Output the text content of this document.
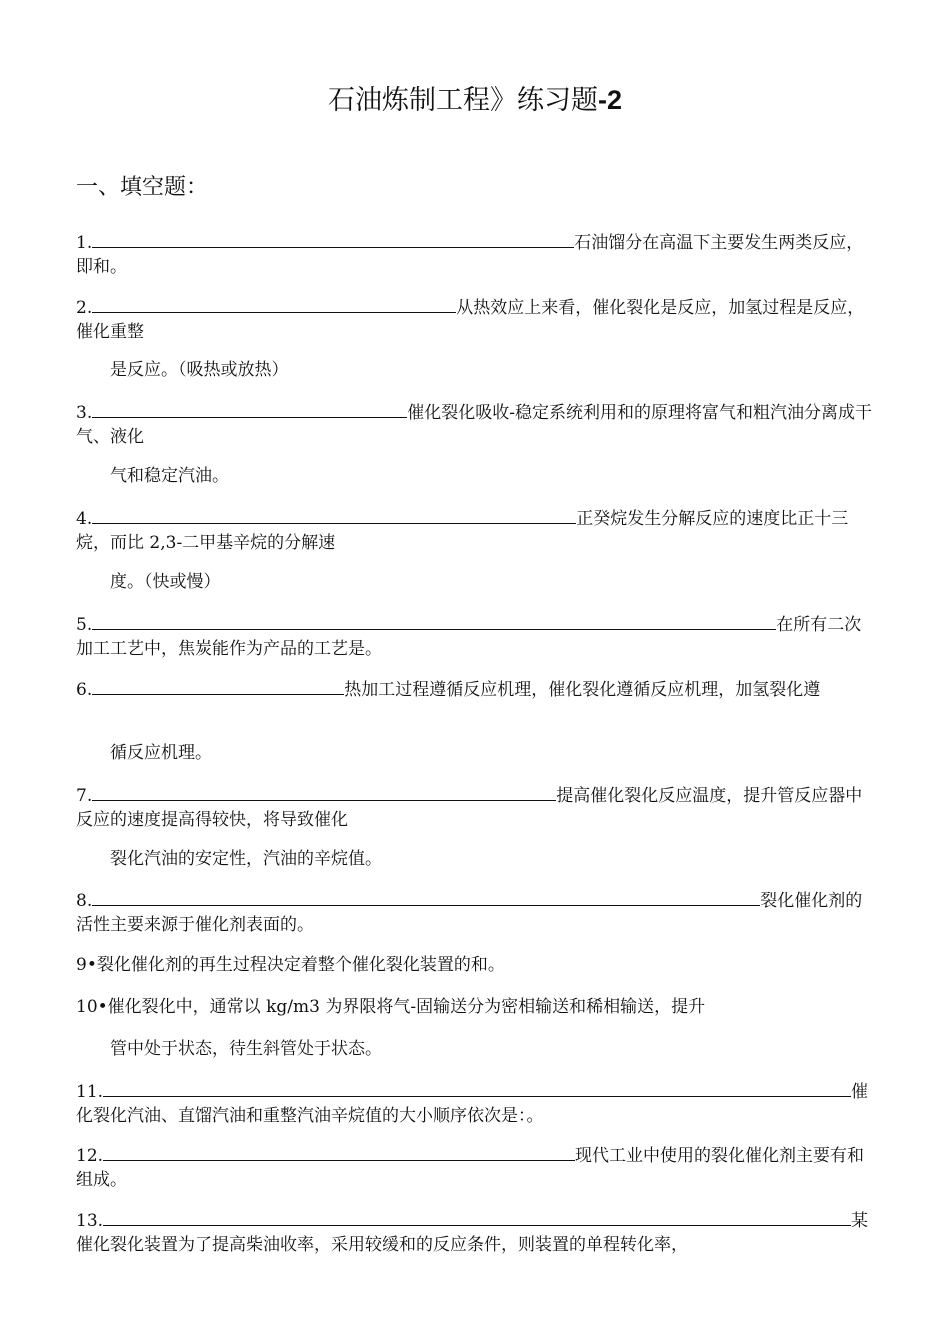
石油炼制工程》练习题-2
一、填空题：
1.	石油馏分在高温下主要发生两类反应，即和。
2.	从热效应上来看，催化裂化是反应，加氢过程是反应，催化重整
是反应。（吸热或放热）
3.	催化裂化吸收-稳定系统利用和的原理将富气和粗汽油分离成干气、液化
气和稳定汽油。
4.	正癸烷发生分解反应的速度比正十三烷，而比 2,3-二甲基辛烷的分解速
度。（快或慢）
5.	在所有二次加工工艺中，焦炭能作为产品的工艺是。
6.	热加工过程遵循反应机理，催化裂化遵循反应机理，加氢裂化遵
循反应机理。
7.	提高催化裂化反应温度，提升管反应器中反应的速度提高得较快，将导致催化
裂化汽油的安定性，汽油的辛烷值。
8.	裂化催化剂的活性主要来源于催化剂表面的。
9•裂化催化剂的再生过程决定着整个催化裂化装置的和。
10•催化裂化中，通常以 kg/m3 为界限将气-固输送分为密相输送和稀相输送，提升
管中处于状态，待生斜管处于状态。
11.	催化裂化汽油、直馏汽油和重整汽油辛烷值的大小顺序依次是：。
12.	现代工业中使用的裂化催化剂主要有和组成。
13.	某催化裂化装置为了提高柴油收率，采用较缓和的反应条件，则装置的单程转化率，
